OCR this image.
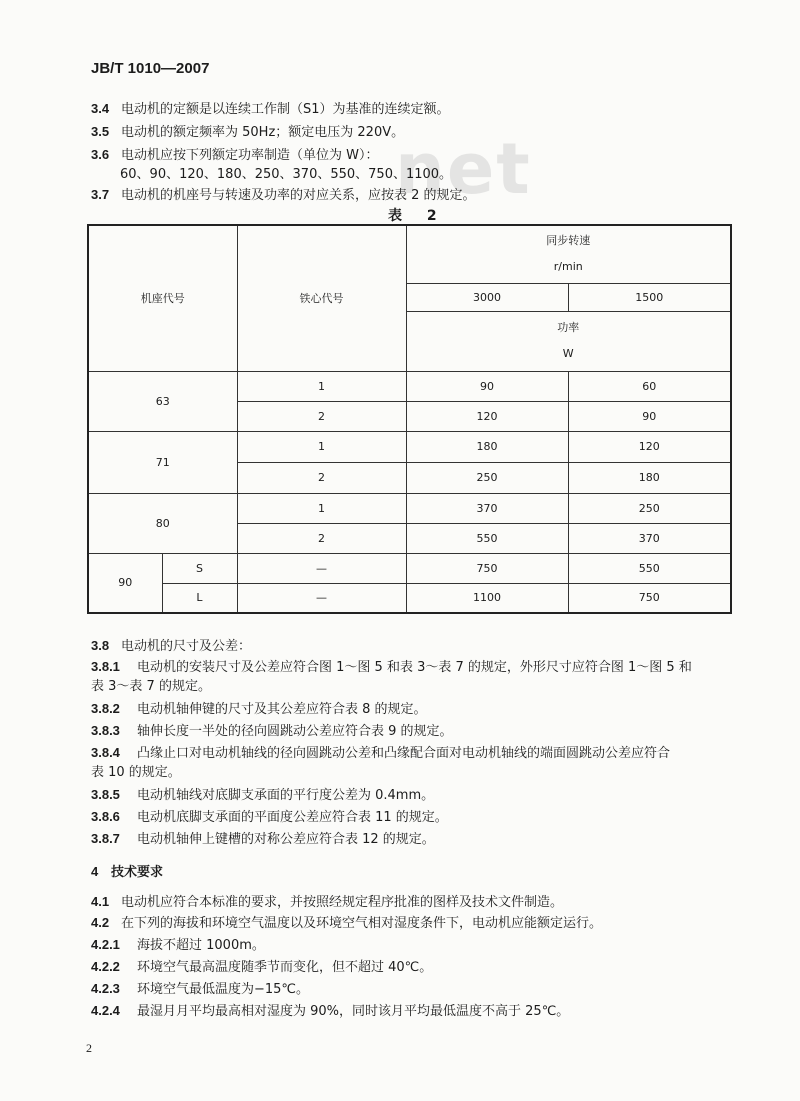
net
JB/T 1010—2007
3.4 电动机的定额是以连续工作制（S1）为基准的连续定额。
3.5 电动机的额定频率为 50Hz；额定电压为 220V。
3.6 电动机应按下列额定功率制造（单位为 W）：
60、90、120、180、250、370、550、750、1100。
3.7 电动机的机座号与转速及功率的对应关系，应按表 2 的规定。
表 2
机座代号		铁心代号	同步转速
r/min	

			3000	1500

			功率
W	

63		1	90	60
		2	120	90
71		1	180	120
		2	250	180
80		1	370	250
		2	550	370
90	S	—	750	550
	L	—	1100	750
3.8 电动机的尺寸及公差：
3.8.1 电动机的安装尺寸及公差应符合图 1～图 5 和表 3～表 7 的规定，外形尺寸应符合图 1～图 5 和
表 3～表 7 的规定。
3.8.2 电动机轴伸键的尺寸及其公差应符合表 8 的规定。
3.8.3 轴伸长度一半处的径向圆跳动公差应符合表 9 的规定。
3.8.4 凸缘止口对电动机轴线的径向圆跳动公差和凸缘配合面对电动机轴线的端面圆跳动公差应符合
表 10 的规定。
3.8.5 电动机轴线对底脚支承面的平行度公差为 0.4mm。
3.8.6 电动机底脚支承面的平面度公差应符合表 11 的规定。
3.8.7 电动机轴伸上键槽的对称公差应符合表 12 的规定。
4 技术要求
4.1 电动机应符合本标准的要求，并按照经规定程序批准的图样及技术文件制造。
4.2 在下列的海拔和环境空气温度以及环境空气相对湿度条件下，电动机应能额定运行。
4.2.1 海拔不超过 1000m。
4.2.2 环境空气最高温度随季节而变化，但不超过 40℃。
4.2.3 环境空气最低温度为−15℃。
4.2.4 最湿月月平均最高相对湿度为 90%，同时该月平均最低温度不高于 25℃。
2
